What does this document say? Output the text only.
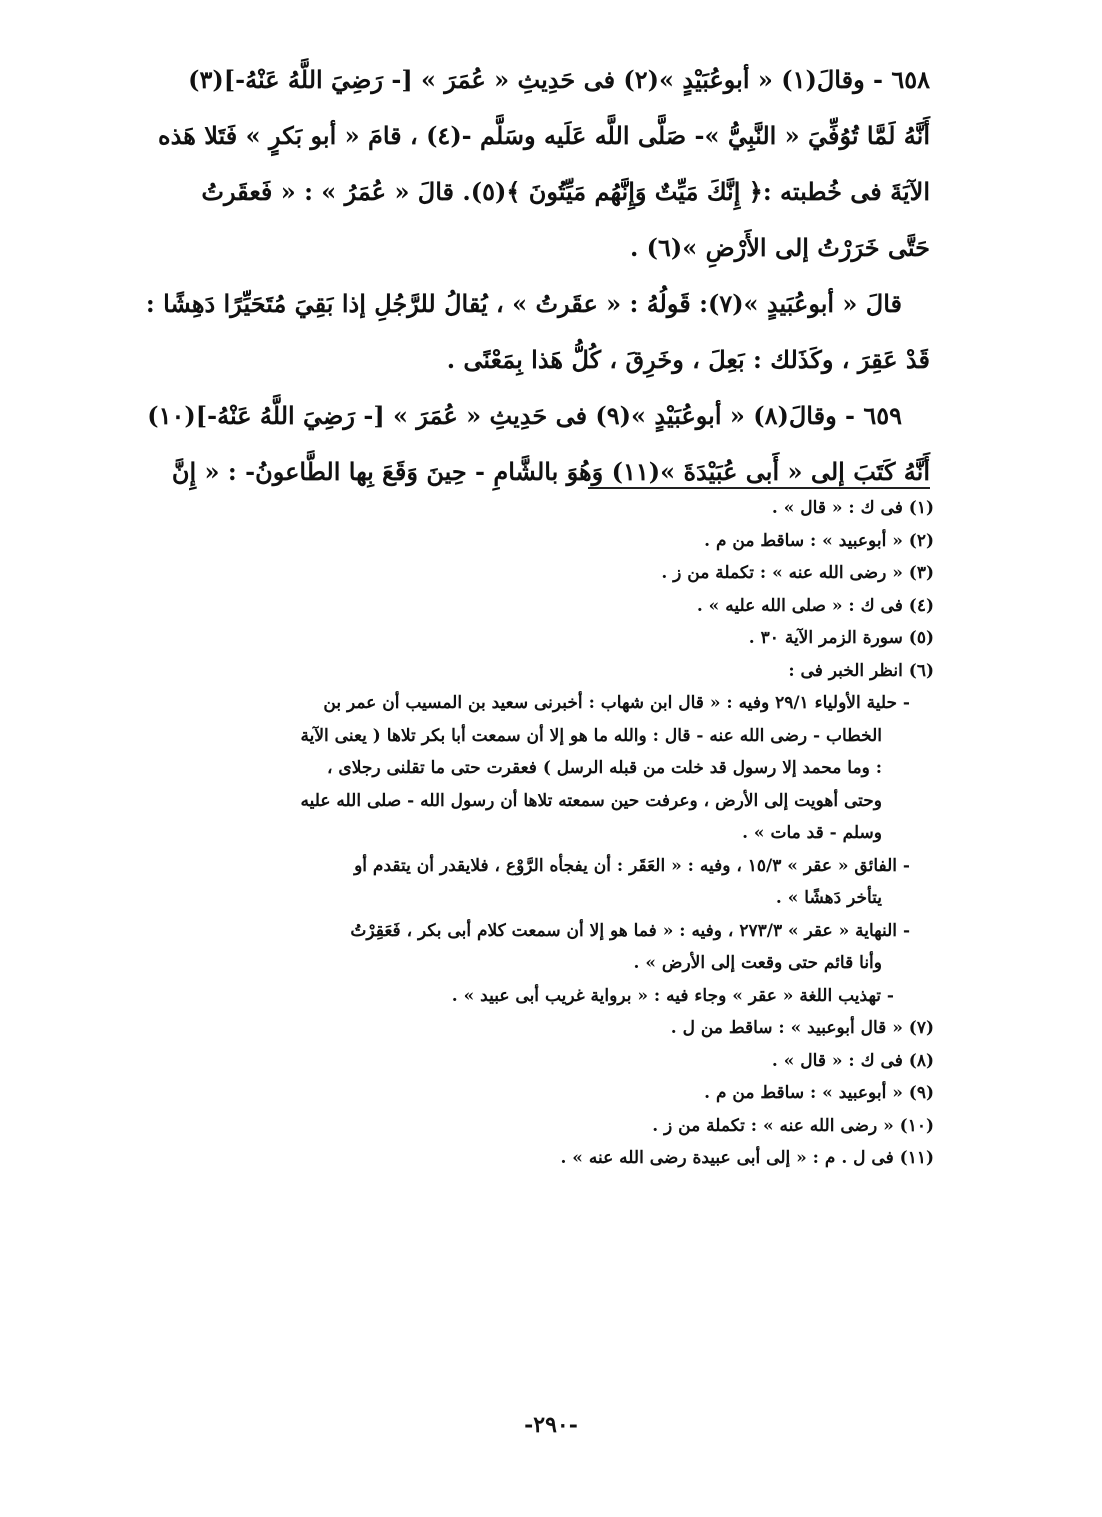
٦٥٨ - وقالَ(١) « أبوعُبَيْدٍ »(٢) فى حَدِيثِ « عُمَرَ » [- رَضِيَ اللَّهُ عَنْهُ-](٣)

أَنَّهُ لَمَّا تُوُفِّيَ « النَّبِيُّ »- صَلَّى اللَّه عَلَيه وسَلَّم -(٤) ، قامَ « أبو بَكرٍ » فَتَلا هَذه

الآيَةَ فى خُطبته :﴿ إِنَّكَ مَيِّتٌ وَإِنَّهُم مَيِّتُونَ ﴾(٥). قالَ « عُمَرُ » : « فَعقَرتُ

حَتَّى خَرَرْتُ إلى الأَرْضِ »(٦) .

قالَ « أبوعُبَيدٍ »(٧): قَولُهُ : « عقَرتُ » ، يُقالُ للرَّجُلِ إذا بَقِيَ مُتَحَيِّرًا دَهِشًا :

قَدْ عَقِرَ ، وكَذَلك : بَعِلَ ، وخَرِقَ ، كُلُّ هَذا بِمَعْنًى .

٦٥٩ - وقالَ(٨) « أبوعُبَيْدٍ »(٩) فى حَدِيثِ « عُمَرَ » [- رَضِيَ اللَّهُ عَنْهُ-](١٠)

أَنَّهُ كَتَبَ إلى « أَبى عُبَيْدَةَ »(١١) وَهُوَ بالشَّامِ - حِينَ وَقَعَ بِها الطَّاعونُ- : « إِنَّ

(١) فى ك : « قال » .

(٢) « أبوعبيد » : ساقط من م .

(٣) « رضى الله عنه » : تكملة من ز .

(٤) فى ك : « صلى الله عليه » .

(٥) سورة الزمر الآية ٣٠ .

(٦) انظر الخبر فى :

- حلية الأولياء ٢٩/١ وفيه : « قال ابن شهاب : أخبرنى سعيد بن المسيب أن عمر بن

الخطاب - رضى الله عنه - قال : والله ما هو إلا أن سمعت أبا بكر تلاها ( يعنى الآية

: وما محمد إلا رسول قد خلت من قبله الرسل ) فعقرت حتى ما تقلنى رجلاى ،

وحتى أهويت إلى الأرض ، وعرفت حين سمعته تلاها أن رسول الله - صلى الله عليه

وسلم - قد مات » .

- الفائق « عقر » ١٥/٣ ، وفيه : « العَقَر : أن يفجأه الرَّوْع ، فلايقدر أن يتقدم أو

يتأخر دَهشًا » .

- النهاية « عقر » ٢٧٣/٣ ، وفيه : « فما هو إلا أن سمعت كلام أبى بكر ، فَعَقِرْتُ

وأنا قائم حتى وقعت إلى الأرض » .

- تهذيب اللغة « عقر » وجاء فيه : « برواية غريب أبى عبيد » .

(٧) « قال أبوعبيد » : ساقط من ل .

(٨) فى ك : « قال » .

(٩) « أبوعبيد » : ساقط من م .

(١٠) « رضى الله عنه » : تكملة من ز .

(١١) فى ل . م : « إلى أبى عبيدة رضى الله عنه » .

-٢٩٠-
